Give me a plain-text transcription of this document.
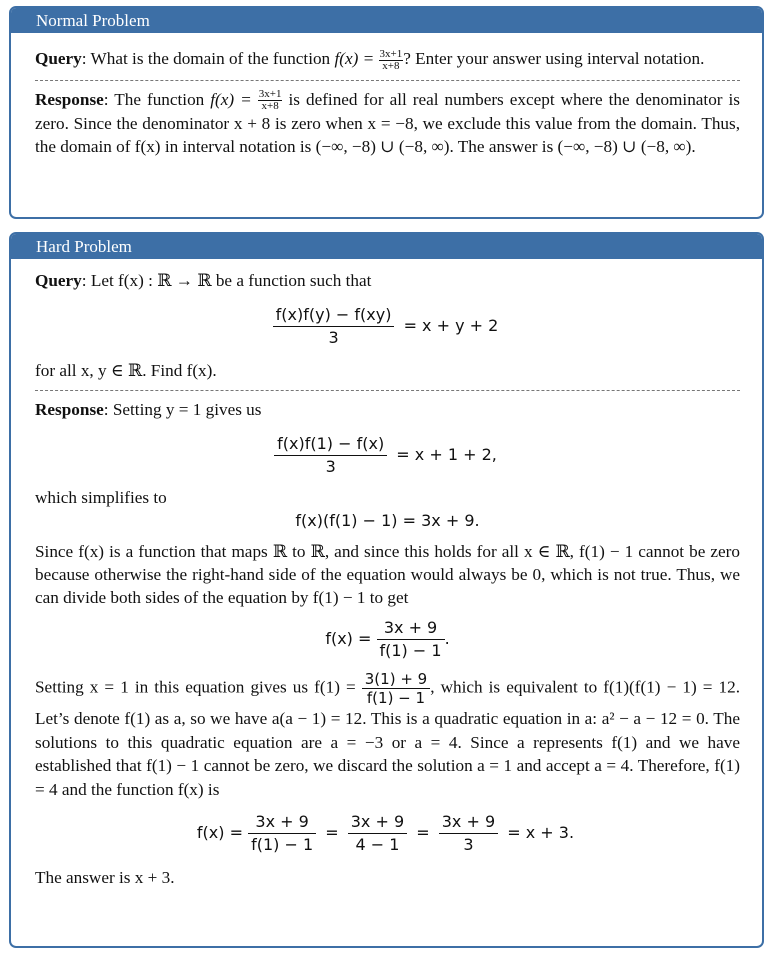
Normal Problem

Query: What is the domain of the function $f(x) = \frac{3x+1}{x+8}$ ? Enter your answer using interval notation.

Response: The function $f(x) = \frac{3x+1}{x+8}$ is defined for all real numbers except where the denominator is zero. Since the denominator x + 8 is zero when x = −8, we exclude this value from the domain. Thus, the domain of f(x) in interval notation is (−∞, −8) ∪ (−8, ∞). The answer is (−∞, −8) ∪ (−8, ∞).

Hard Problem

Query: Let f(x) : ℝ → ℝ be a function such that

$\frac{f(x)f(y) - f(xy)}{3} = x + y + 2$

for all x, y ∈ ℝ. Find f(x).

Response: Setting y = 1 gives us

$\frac{f(x)f(1) - f(x)}{3} = x + 1 + 2$,

which simplifies to

f(x)(f(1) − 1) = 3x + 9.

Since f(x) is a function that maps ℝ to ℝ, and since this holds for all x ∈ ℝ, f(1) − 1 cannot be zero because otherwise the right-hand side of the equation would always be 0, which is not true. Thus, we can divide both sides of the equation by f(1) − 1 to get

$f(x) = \frac{3x + 9}{f(1) - 1}$ .

Setting x = 1 in this equation gives us $f(1) = \frac{3(1) + 9}{f(1) - 1}$ , which is equivalent to f(1)(f(1) − 1) = 12. Let’s denote f(1) as a, so we have a(a − 1) = 12. This is a quadratic equation in a: a² − a − 12 = 0. The solutions to this quadratic equation are a = −3 or a = 4. Since a represents f(1) and we have established that f(1) − 1 cannot be zero, we discard the solution a = 1 and accept a = 4. Therefore, f(1) = 4 and the function f(x) is

$f(x) = \frac{3x + 9}{f(1) - 1} = \frac{3x + 9}{4 - 1} = \frac{3x + 9}{3} = x + 3$.

The answer is x + 3.
